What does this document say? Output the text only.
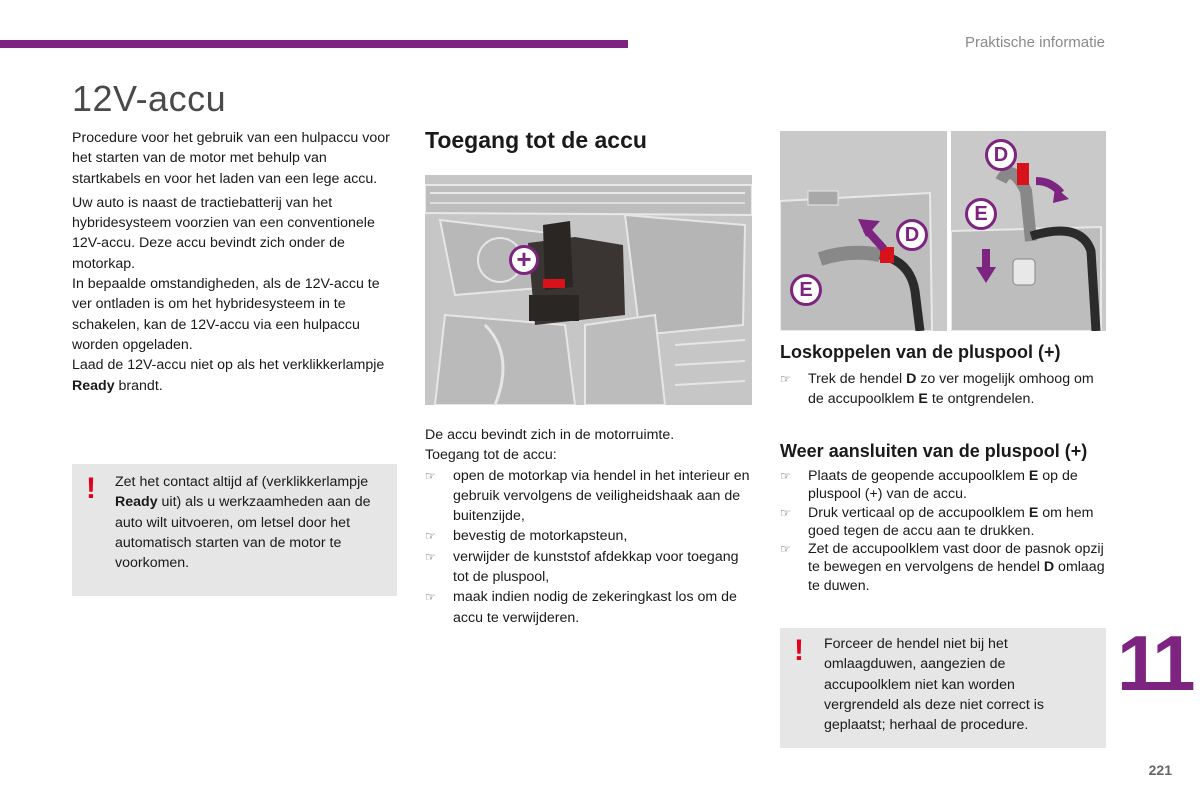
Praktische informatie
12V-accu

Procedure voor het gebruik van een hulpaccu voor het starten van de motor met behulp van startkabels en voor het laden van een lege accu.

Uw auto is naast de tractiebatterij van het hybridesysteem voorzien van een conventionele 12V-accu. Deze accu bevindt zich onder de motorkap.

In bepaalde omstandigheden, als de 12V-accu te ver ontladen is om het hybridesysteem in te schakelen, kan de 12V-accu via een hulpaccu worden opgeladen.

Laad de 12V-accu niet op als het verklikkerlampje Ready brandt.

! Zet het contact altijd af (verklikkerlampje Ready uit) als u werkzaamheden aan de auto wilt uitvoeren, om letsel door het automatisch starten van de motor te voorkomen.

Toegang tot de accu
+

De accu bevindt zich in de motorruimte.

Toegang tot de accu:

☞ open de motorkap via hendel in het interieur en gebruik vervolgens de veiligheidshaak aan de buitenzijde,
☞ bevestig de motorkapsteun,
☞ verwijder de kunststof afdekkap voor toegang tot de pluspool,
☞ maak indien nodig de zekeringkast los om de accu te verwijderen.
D
E
D
E
Loskoppelen van de pluspool (+)
☞ Trek de hendel D zo ver mogelijk omhoog om de accupoolklem E te ontgrendelen.
Weer aansluiten van de pluspool (+)
☞ Plaats de geopende accupoolklem E op de pluspool (+) van de accu.
☞ Druk verticaal op de accupoolklem E om hem goed tegen de accu aan te drukken.
☞ Zet de accupoolklem vast door de pasnok opzij te bewegen en vervolgens de hendel D omlaag te duwen.
! Forceer de hendel niet bij het omlaagduwen, aangezien de accupoolklem niet kan worden vergrendeld als deze niet correct is geplaatst; herhaal de procedure.

11
221
